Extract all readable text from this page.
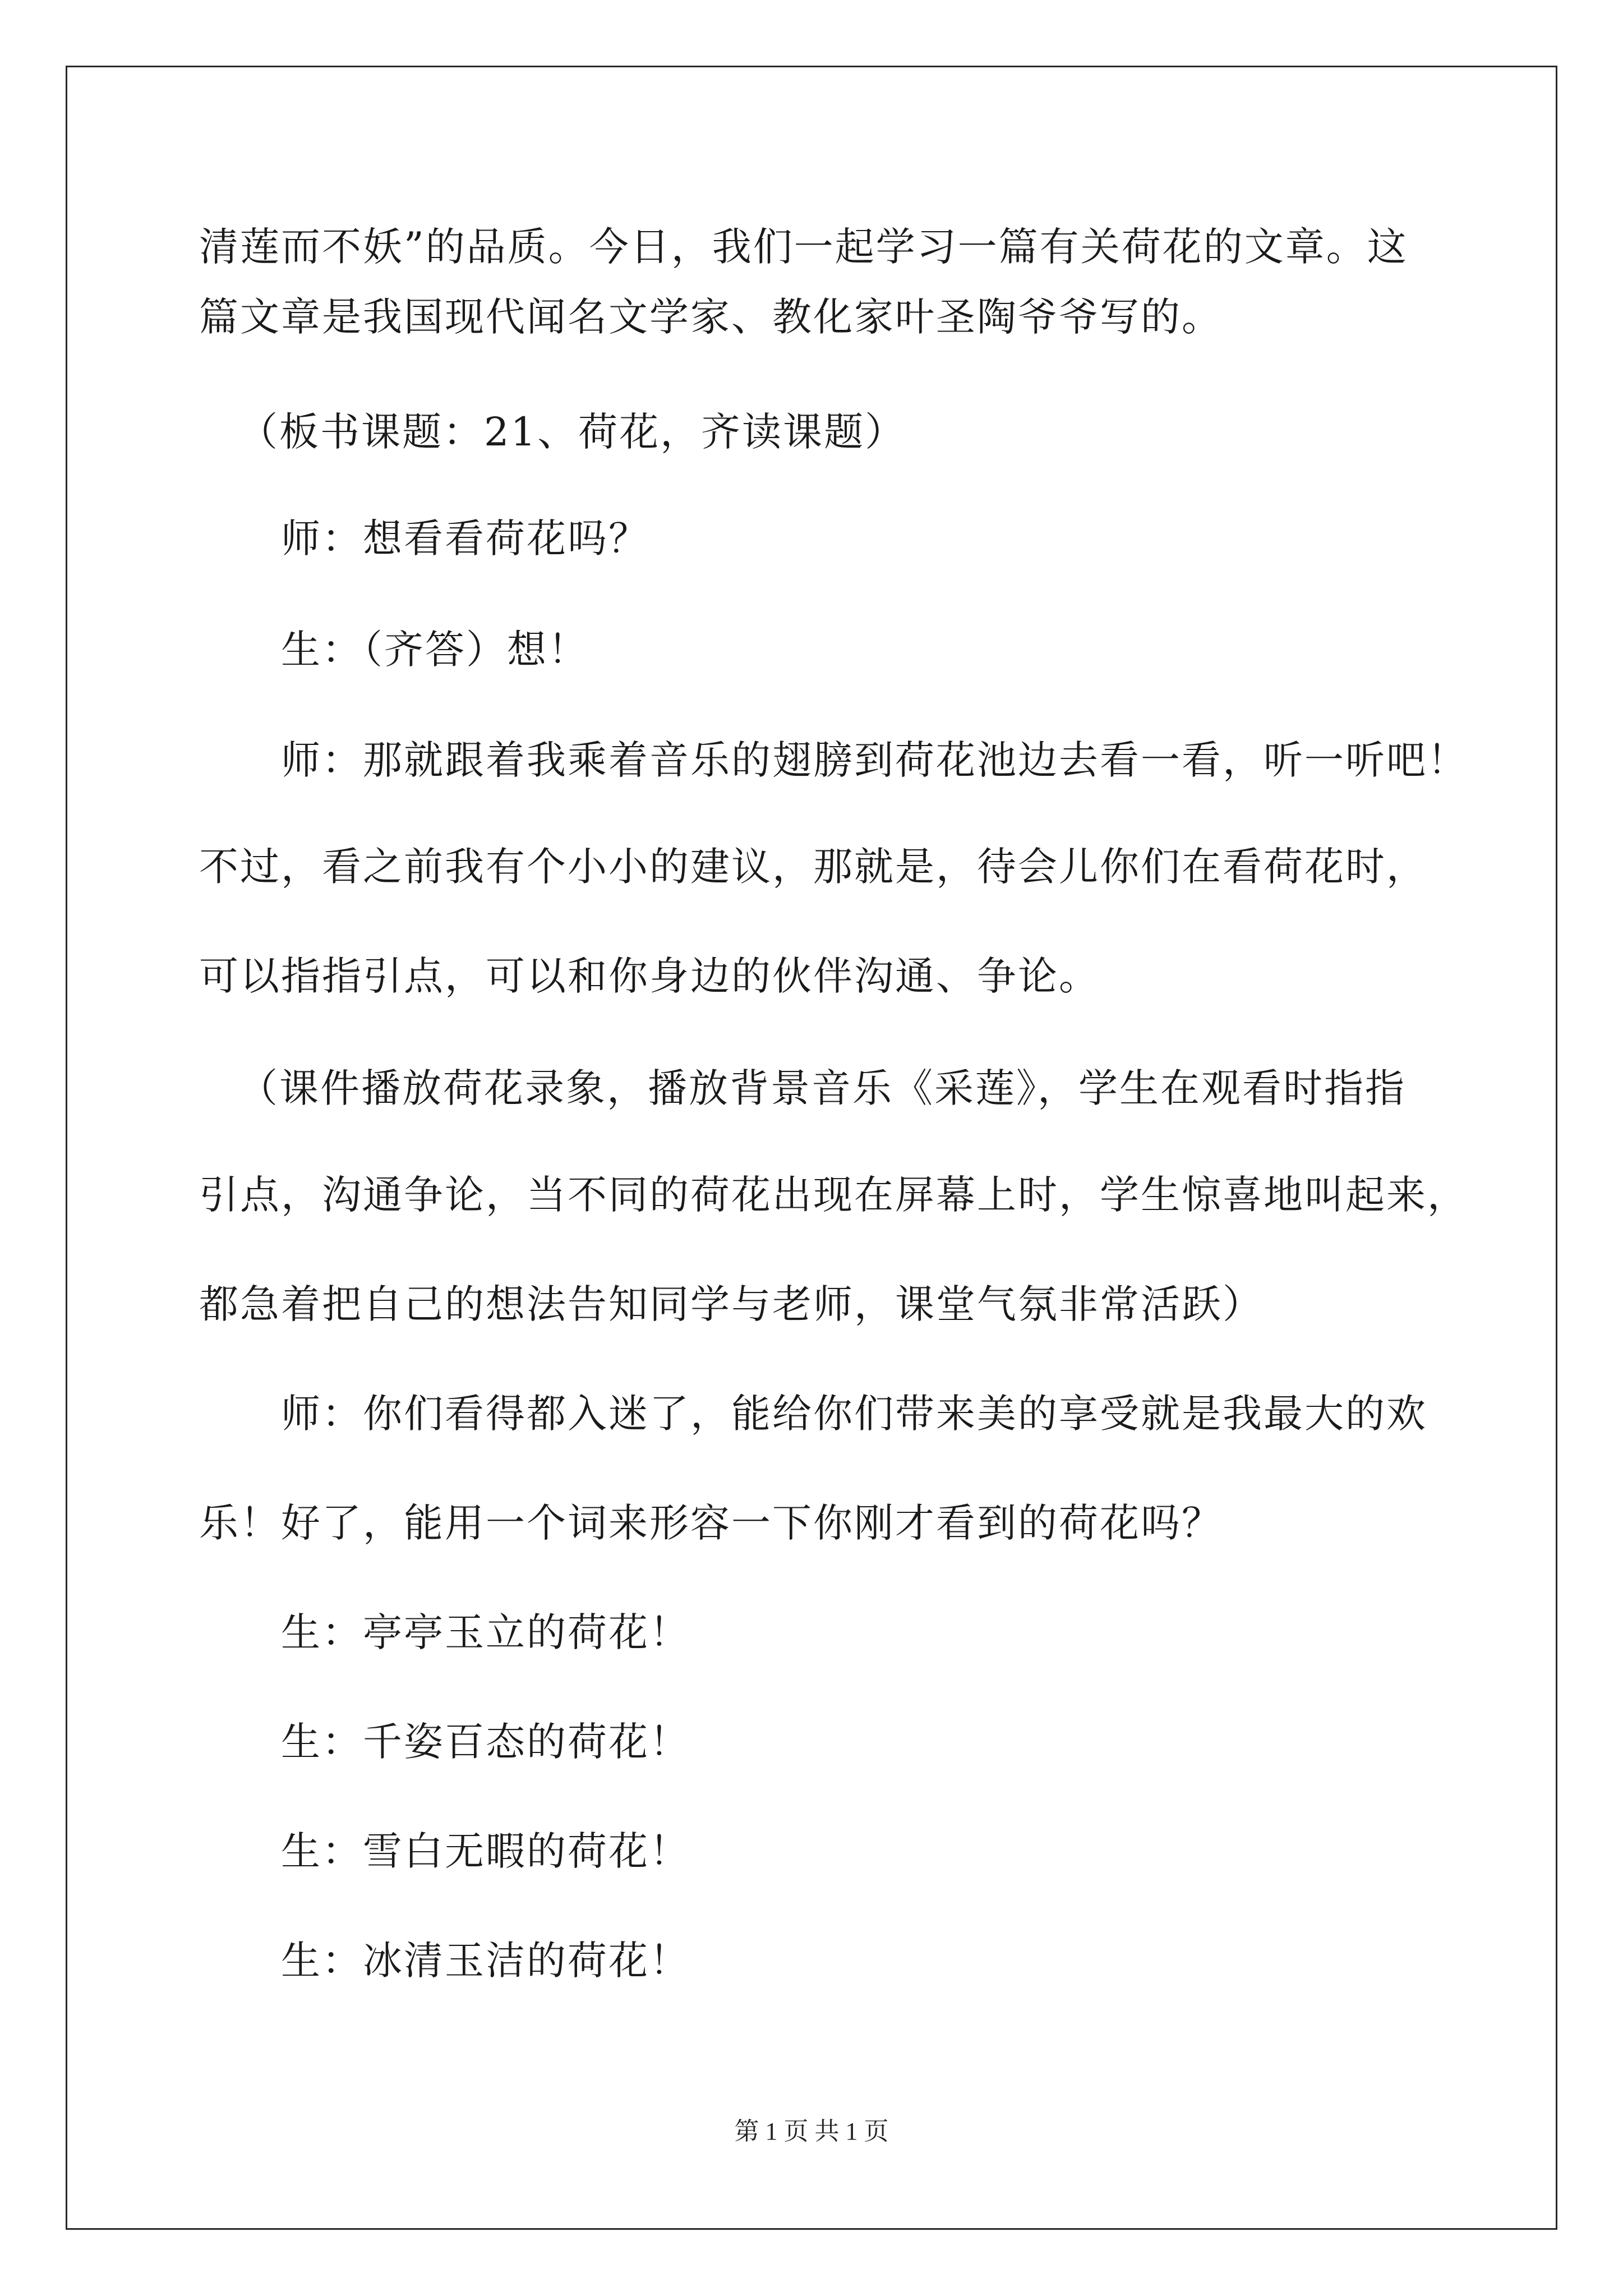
清莲而不妖”的品质。今日，我们一起学习一篇有关荷花的文章。这
篇文章是我国现代闻名文学家、教化家叶圣陶爷爷写的。
（板书课题：21、荷花，齐读课题）
师：想看看荷花吗？
生：（齐答）想！
师：那就跟着我乘着音乐的翅膀到荷花池边去看一看，听一听吧！
不过，看之前我有个小小的建议，那就是，待会儿你们在看荷花时，
可以指指引点，可以和你身边的伙伴沟通、争论。
（课件播放荷花录象，播放背景音乐《采莲》，学生在观看时指指
引点，沟通争论，当不同的荷花出现在屏幕上时，学生惊喜地叫起来，
都急着把自己的想法告知同学与老师，课堂气氛非常活跃）
师：你们看得都入迷了，能给你们带来美的享受就是我最大的欢
乐！好了，能用一个词来形容一下你刚才看到的荷花吗？
生：亭亭玉立的荷花！
生：千姿百态的荷花！
生：雪白无暇的荷花！
生：冰清玉洁的荷花！
第 1 页 共 1 页
